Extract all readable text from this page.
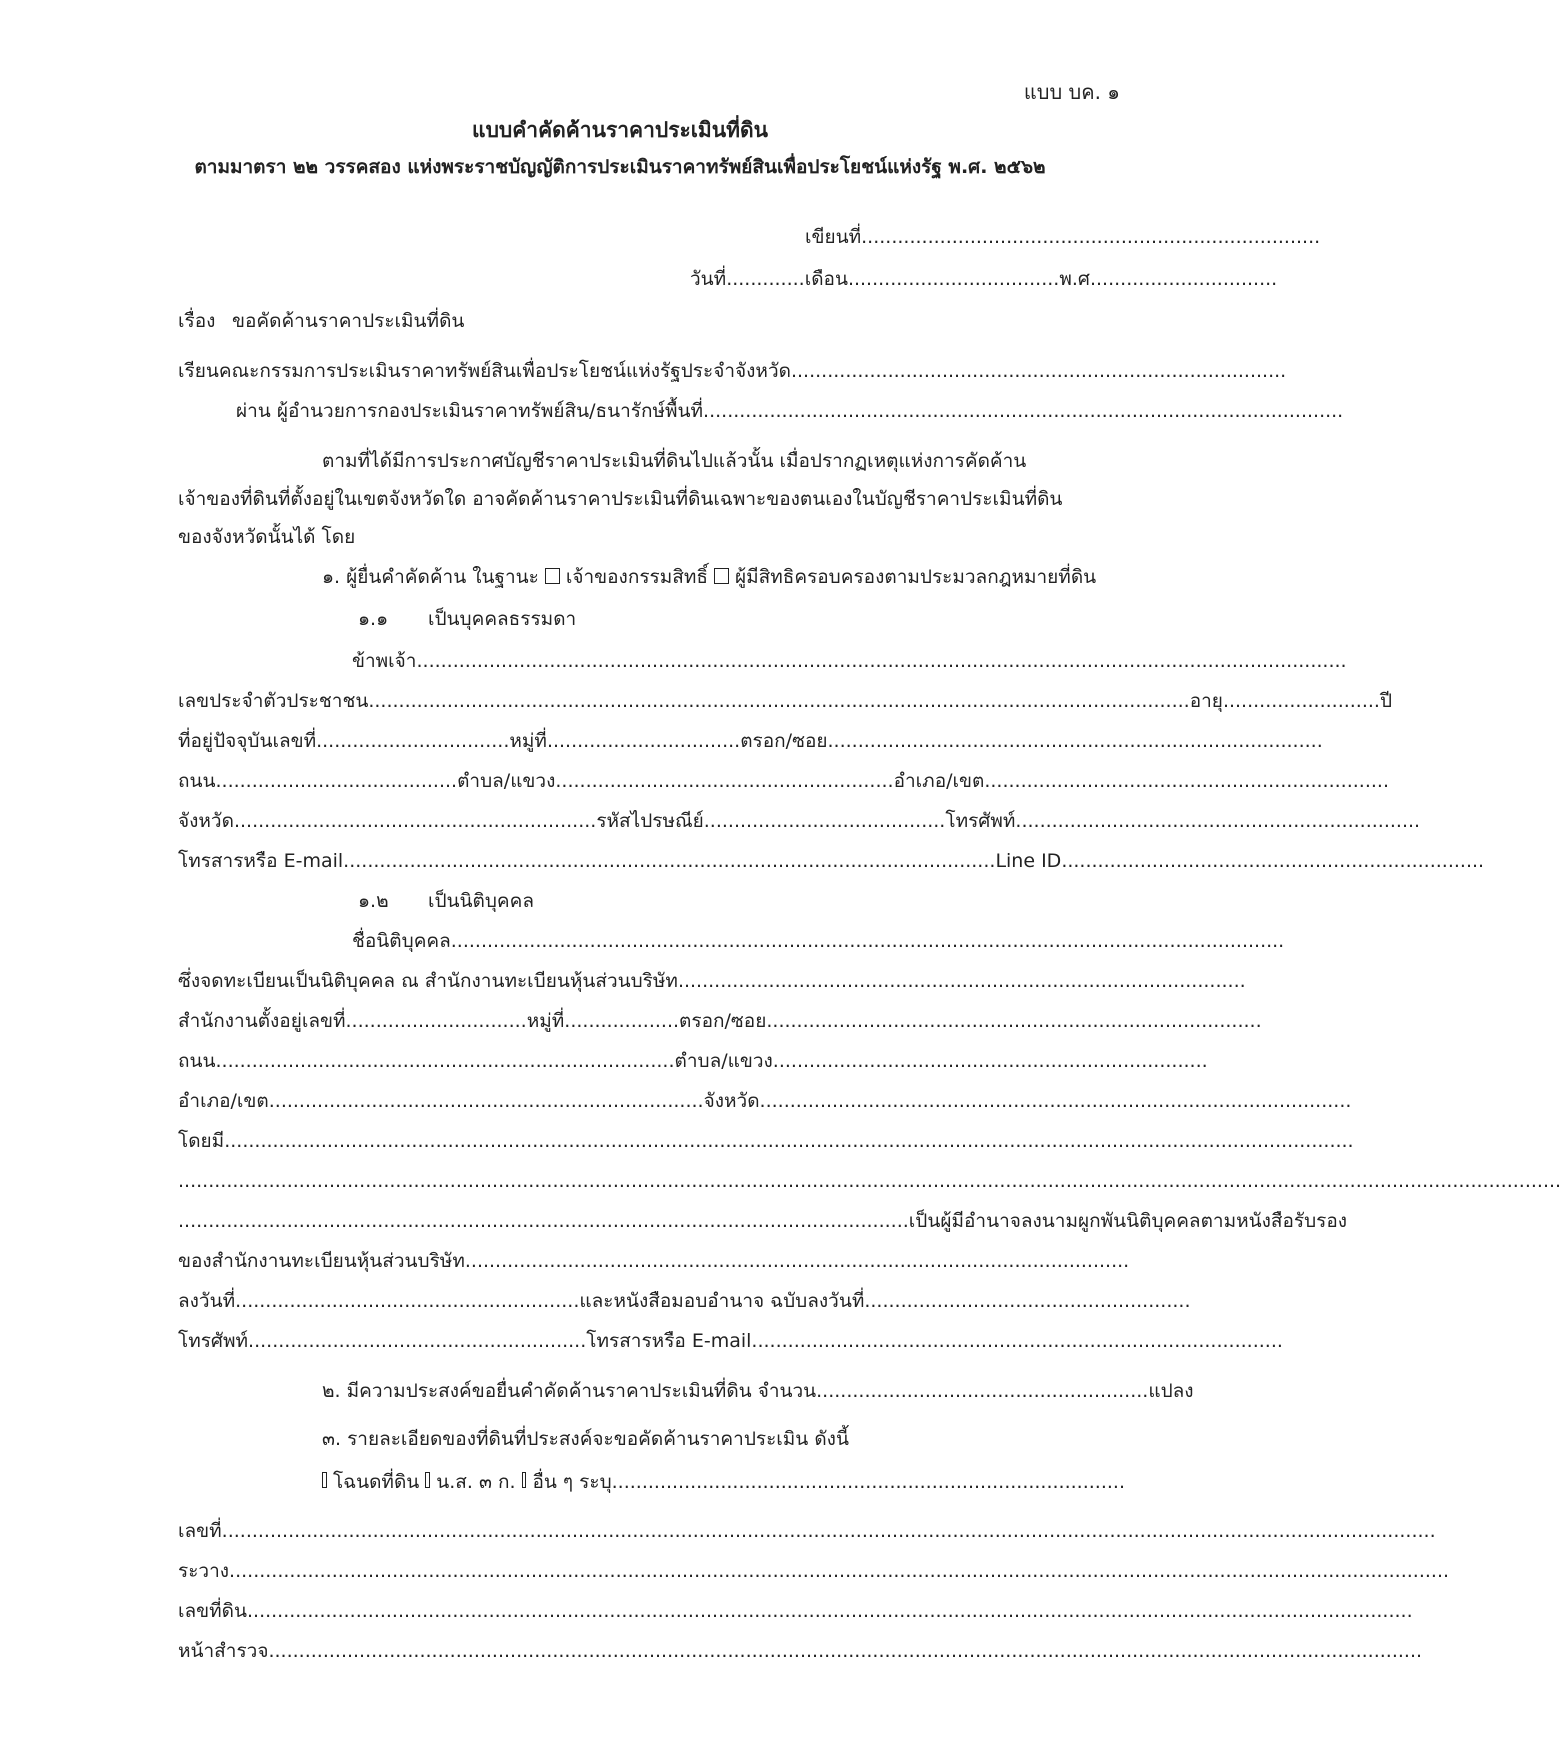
แบบ บค. ๑
แบบคำคัดค้านราคาประเมินที่ดิน
ตามมาตรา ๒๒ วรรคสอง แห่งพระราชบัญญัติการประเมินราคาทรัพย์สินเพื่อประโยชน์แห่งรัฐ พ.ศ. ๒๕๖๒
เขียนที่ ............................................................................
วันที่ ............. เดือน ................................... พ.ศ. ..............................
เรื่อง ขอคัดค้านราคาประเมินที่ดิน
เรียน คณะกรรมการประเมินราคาทรัพย์สินเพื่อประโยชน์แห่งรัฐประจำจังหวัด ..................................................................................
ผ่าน ผู้อำนวยการกองประเมินราคาทรัพย์สิน/ธนารักษ์พื้นที่ ..........................................................................................................
ตามที่ได้มีการประกาศบัญชีราคาประเมินที่ดินไปแล้วนั้น เมื่อปรากฏเหตุแห่งการคัดค้าน
เจ้าของที่ดินที่ตั้งอยู่ในเขตจังหวัดใด อาจคัดค้านราคาประเมินที่ดินเฉพาะของตนเองในบัญชีราคาประเมินที่ดิน
ของจังหวัดนั้นได้ โดย
๑. ผู้ยื่นคำคัดค้าน ในฐานะ เจ้าของกรรมสิทธิ์ ผู้มีสิทธิครอบครองตามประมวลกฎหมายที่ดิน
๑.๑ เป็นบุคคลธรรมดา
ข้าพเจ้า ..........................................................................................................................................................
เลขประจำตัวประชาชน ........................................................................................................................................ อายุ .......................... ปี
ที่อยู่ปัจจุบันเลขที่ ................................ หมู่ที่ ................................ ตรอก/ซอย ..................................................................................
ถนน ........................................ ตำบล/แขวง ........................................................ อำเภอ/เขต ...................................................................
จังหวัด ............................................................ รหัสไปรษณีย์ ........................................ โทรศัพท์ ...................................................................
โทรสารหรือ E-mail ............................................................................................................ Line ID ......................................................................
๑.๒ เป็นนิติบุคคล
ชื่อนิติบุคคล ..........................................................................................................................................
ซึ่งจดทะเบียนเป็นนิติบุคคล ณ สำนักงานทะเบียนหุ้นส่วนบริษัท ..............................................................................................
สำนักงานตั้งอยู่เลขที่ .............................. หมู่ที่ ................... ตรอก/ซอย ..................................................................................
ถนน ............................................................................ ตำบล/แขวง ........................................................................
อำเภอ/เขต ........................................................................ จังหวัด ..................................................................................................
โดยมี ...........................................................................................................................................................................................
.....................................................................................................................................................................................................................................
......................................................................................................................... เป็นผู้มีอำนาจลงนามผูกพันนิติบุคคลตามหนังสือรับรอง
ของสำนักงานทะเบียนหุ้นส่วนบริษัท ..............................................................................................................
ลงวันที่ ......................................................... และหนังสือมอบอำนาจ ฉบับลงวันที่ ......................................................
โทรศัพท์ ........................................................ โทรสารหรือ E-mail ........................................................................................
๒. มีความประสงค์ขอยื่นคำคัดค้านราคาประเมินที่ดิน จำนวน ....................................................... แปลง
๓. รายละเอียดของที่ดินที่ประสงค์จะขอคัดค้านราคาประเมิน ดังนี้
โฉนดที่ดิน น.ส. ๓ ก. อื่น ๆ ระบุ .....................................................................................
เลขที่ .........................................................................................................................................................................................................
ระวาง ..........................................................................................................................................................................................................
เลขที่ดิน .................................................................................................................................................................................................
หน้าสำรวจ ...............................................................................................................................................................................................
